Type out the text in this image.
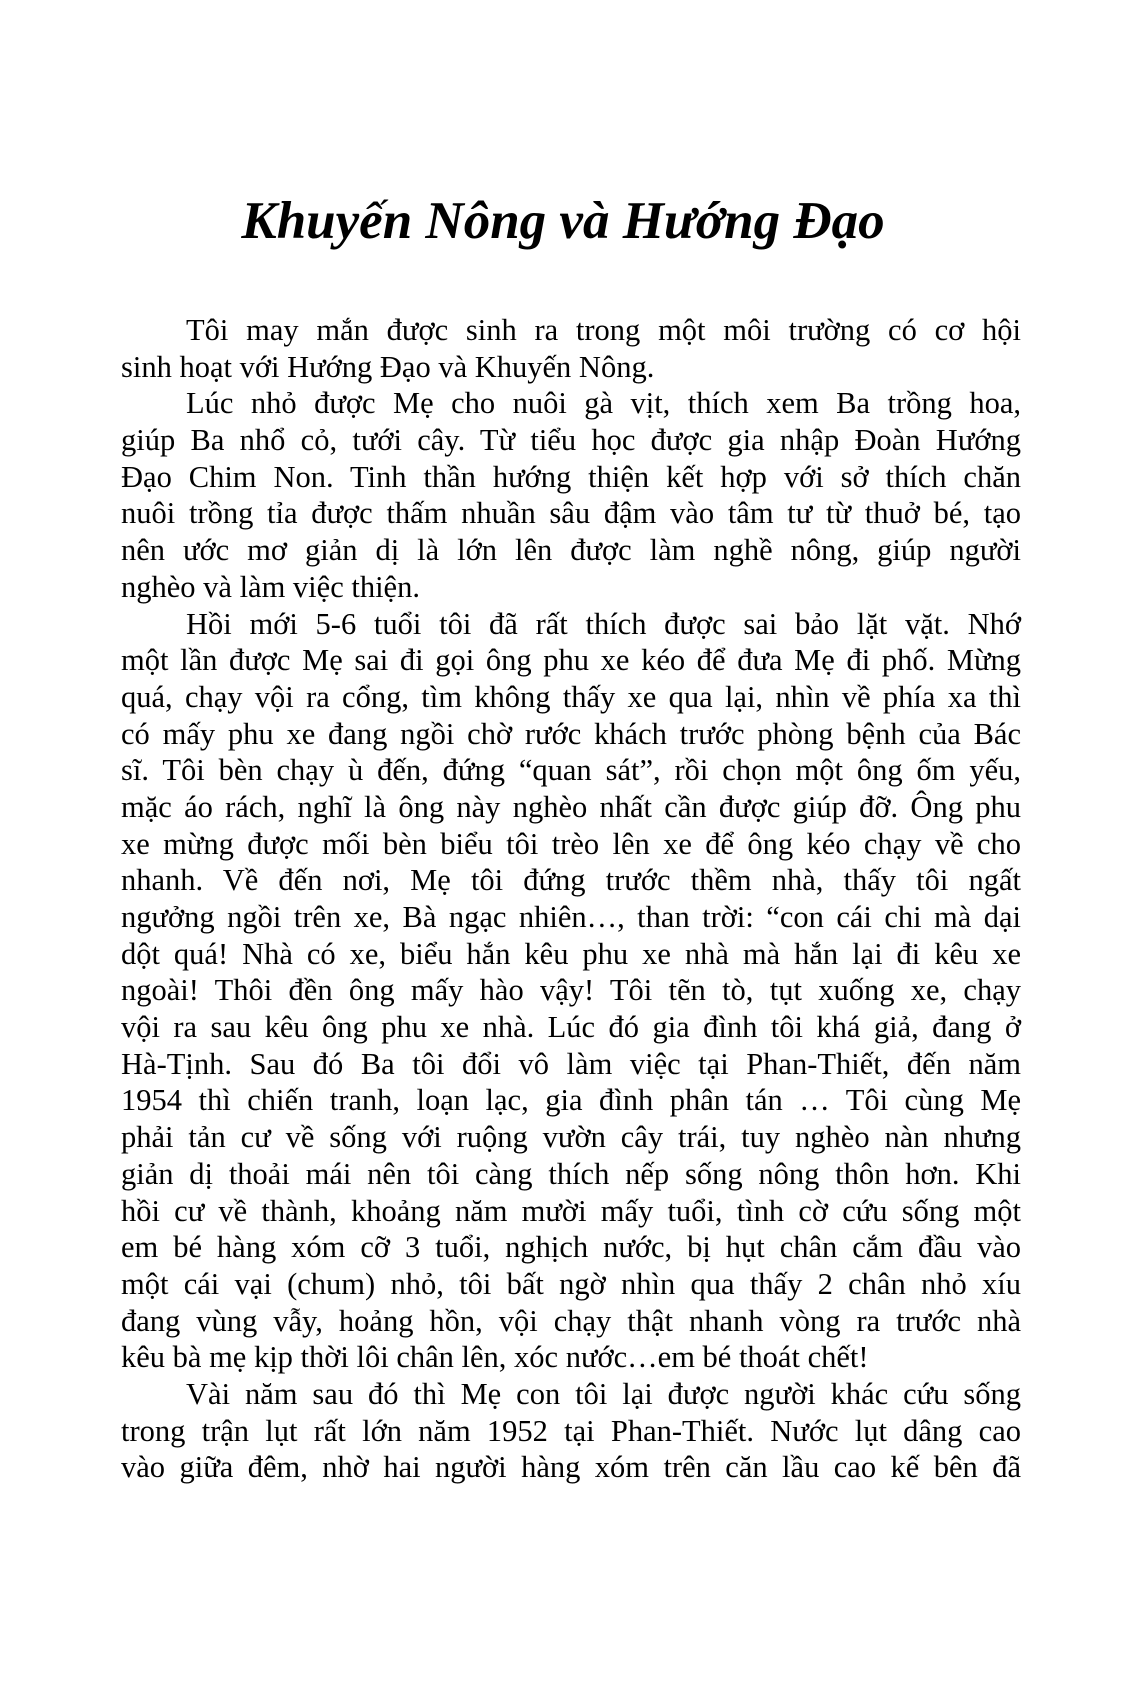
Khuyến Nông và Hướng Đạo
Tôi may mắn được sinh ra trong một môi trường có cơ hội
sinh hoạt với Hướng Đạo và Khuyến Nông.
Lúc nhỏ được Mẹ cho nuôi gà vịt, thích xem Ba trồng hoa,
giúp Ba nhổ cỏ, tưới cây. Từ tiểu học được gia nhập Đoàn Hướng
Đạo Chim Non. Tinh thần hướng thiện kết hợp với sở thích chăn
nuôi trồng tỉa được thấm nhuần sâu đậm vào tâm tư từ thuở bé, tạo
nên ước mơ giản dị là lớn lên được làm nghề nông, giúp người
nghèo và làm việc thiện.
Hồi mới 5-6 tuổi tôi đã rất thích được sai bảo lặt vặt. Nhớ
một lần được Mẹ sai đi gọi ông phu xe kéo để đưa Mẹ đi phố. Mừng
quá, chạy vội ra cổng, tìm không thấy xe qua lại, nhìn về phía xa thì
có mấy phu xe đang ngồi chờ rước khách trước phòng bệnh của Bác
sĩ. Tôi bèn chạy ù đến, đứng “quan sát”, rồi chọn một ông ốm yếu,
mặc áo rách, nghĩ là ông này nghèo nhất cần được giúp đỡ. Ông phu
xe mừng được mối bèn biểu tôi trèo lên xe để ông kéo chạy về cho
nhanh. Về đến nơi, Mẹ tôi đứng trước thềm nhà, thấy tôi ngất
ngưởng ngồi trên xe, Bà ngạc nhiên…, than trời: “con cái chi mà dại
dột quá! Nhà có xe, biểu hắn kêu phu xe nhà mà hắn lại đi kêu xe
ngoài! Thôi đền ông mấy hào vậy! Tôi tẽn tò, tụt xuống xe, chạy
vội ra sau kêu ông phu xe nhà. Lúc đó gia đình tôi khá giả, đang ở
Hà-Tịnh. Sau đó Ba tôi đổi vô làm việc tại Phan-Thiết, đến năm
1954 thì chiến tranh, loạn lạc, gia đình phân tán … Tôi cùng Mẹ
phải tản cư về sống với ruộng vườn cây trái, tuy nghèo nàn nhưng
giản dị thoải mái nên tôi càng thích nếp sống nông thôn hơn. Khi
hồi cư về thành, khoảng năm mười mấy tuổi, tình cờ cứu sống một
em bé hàng xóm cỡ 3 tuổi, nghịch nước, bị hụt chân cắm đầu vào
một cái vại (chum) nhỏ, tôi bất ngờ nhìn qua thấy 2 chân nhỏ xíu
đang vùng vẫy, hoảng hồn, vội chạy thật nhanh vòng ra trước nhà
kêu bà mẹ kịp thời lôi chân lên, xóc nước…em bé thoát chết!
Vài năm sau đó thì Mẹ con tôi lại được người khác cứu sống
trong trận lụt rất lớn năm 1952 tại Phan-Thiết. Nước lụt dâng cao
vào giữa đêm, nhờ hai người hàng xóm trên căn lầu cao kế bên đã
